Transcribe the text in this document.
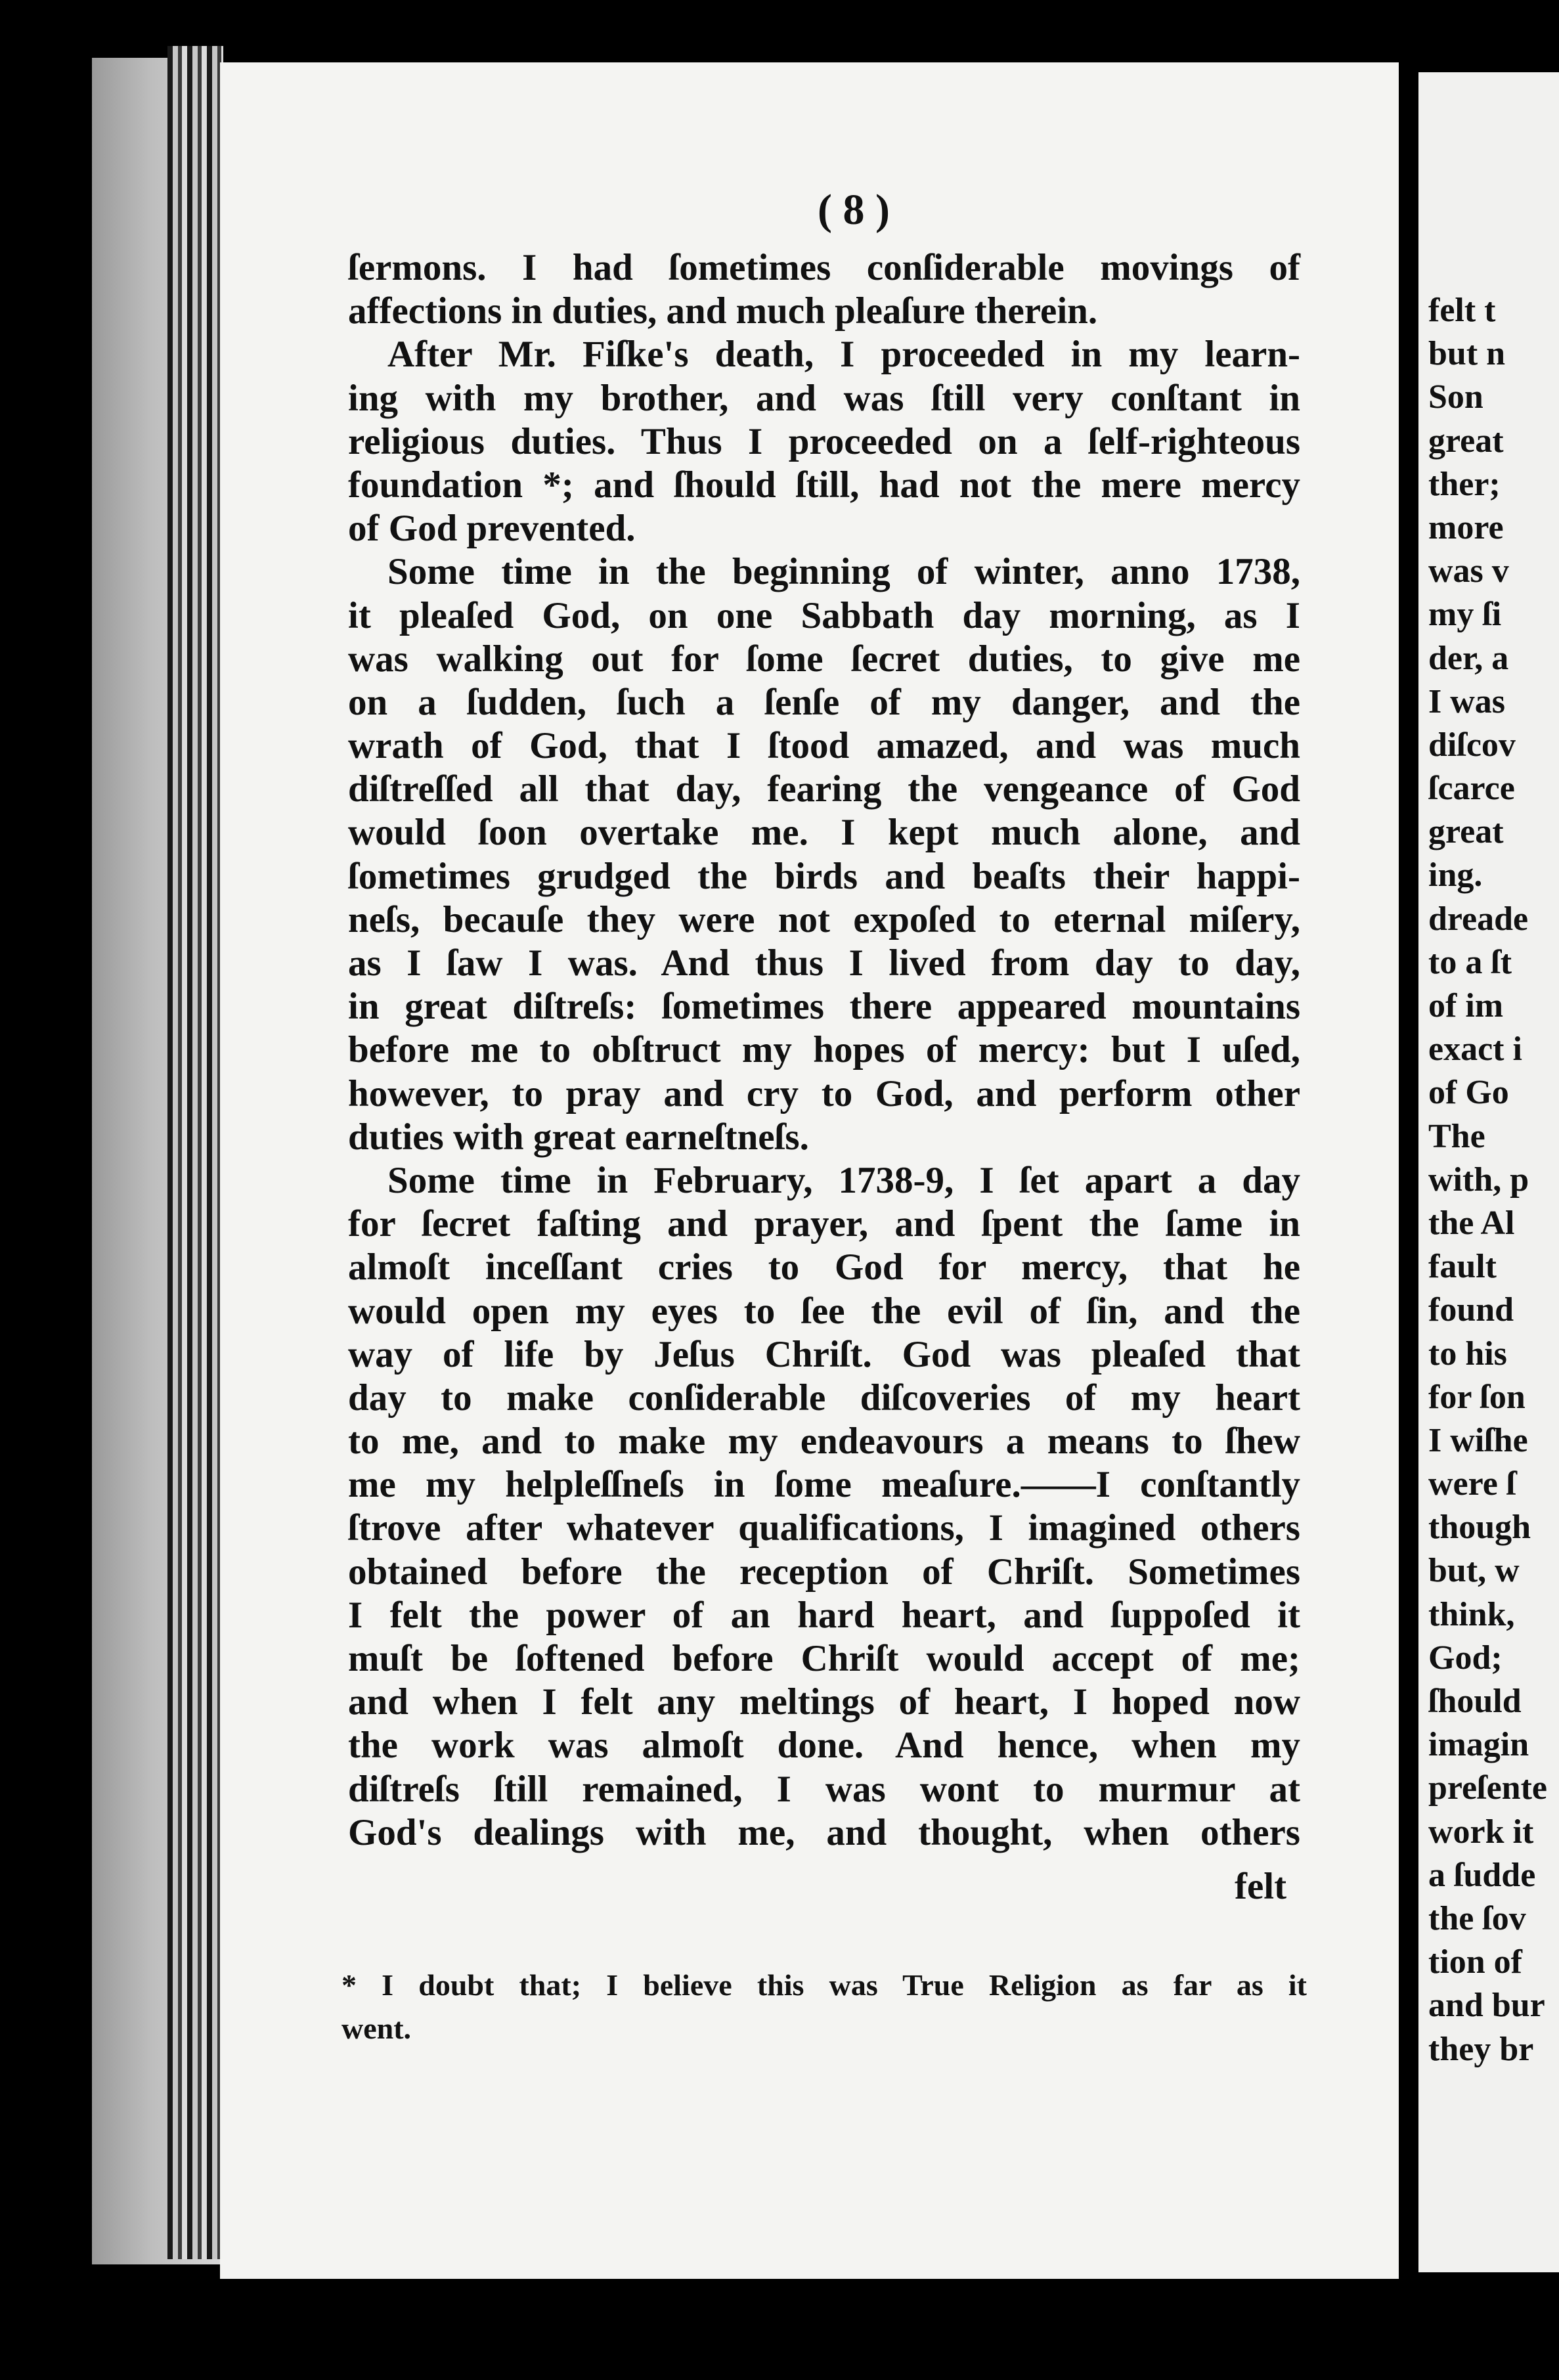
( 8 )
ſermons. I had ſometimes conſiderable movings of
affections in duties, and much pleaſure therein.
After Mr. Fiſke's death, I proceeded in my learn-
ing with my brother, and was ſtill very conſtant in
religious duties. Thus I proceeded on a ſelf-righteous
foundation *; and ſhould ſtill, had not the mere mercy
of God prevented.
Some time in the beginning of winter, anno 1738,
it pleaſed God, on one Sabbath day morning, as I
was walking out for ſome ſecret duties, to give me
on a ſudden, ſuch a ſenſe of my danger, and the
wrath of God, that I ſtood amazed, and was much
diſtreſſed all that day, fearing the vengeance of God
would ſoon overtake me. I kept much alone, and
ſometimes grudged the birds and beaſts their happi-
neſs, becauſe they were not expoſed to eternal miſery,
as I ſaw I was. And thus I lived from day to day,
in great diſtreſs: ſometimes there appeared mountains
before me to obſtruct my hopes of mercy: but I uſed,
however, to pray and cry to God, and perform other
duties with great earneſtneſs.
Some time in February, 1738-9, I ſet apart a day
for ſecret faſting and prayer, and ſpent the ſame in
almoſt inceſſant cries to God for mercy, that he
would open my eyes to ſee the evil of ſin, and the
way of life by Jeſus Chriſt. God was pleaſed that
day to make conſiderable diſcoveries of my heart
to me, and to make my endeavours a means to ſhew
me my helpleſſneſs in ſome meaſure.——I conſtantly
ſtrove after whatever qualifications, I imagined others
obtained before the reception of Chriſt. Sometimes
I felt the power of an hard heart, and ſuppoſed it
muſt be ſoftened before Chriſt would accept of me;
and when I felt any meltings of heart, I hoped now
the work was almoſt done. And hence, when my
diſtreſs ſtill remained, I was wont to murmur at
God's dealings with me, and thought, when others
felt
* I doubt that; I believe this was True Religion as far as it
went.
felt t
but n
Son
great
ther;
more
was v
my ſi
der, a
I was
diſcov
ſcarce
great
ing.
dreade
to a ſt
of im
exact i
of Go
The
with, p
the Al
fault
found
to his
for ſon
I wiſhe
were ſ
though
but, w
think,
God;
ſhould
imagin
preſente
work it
a ſudde
the ſov
tion of
and bur
they br
